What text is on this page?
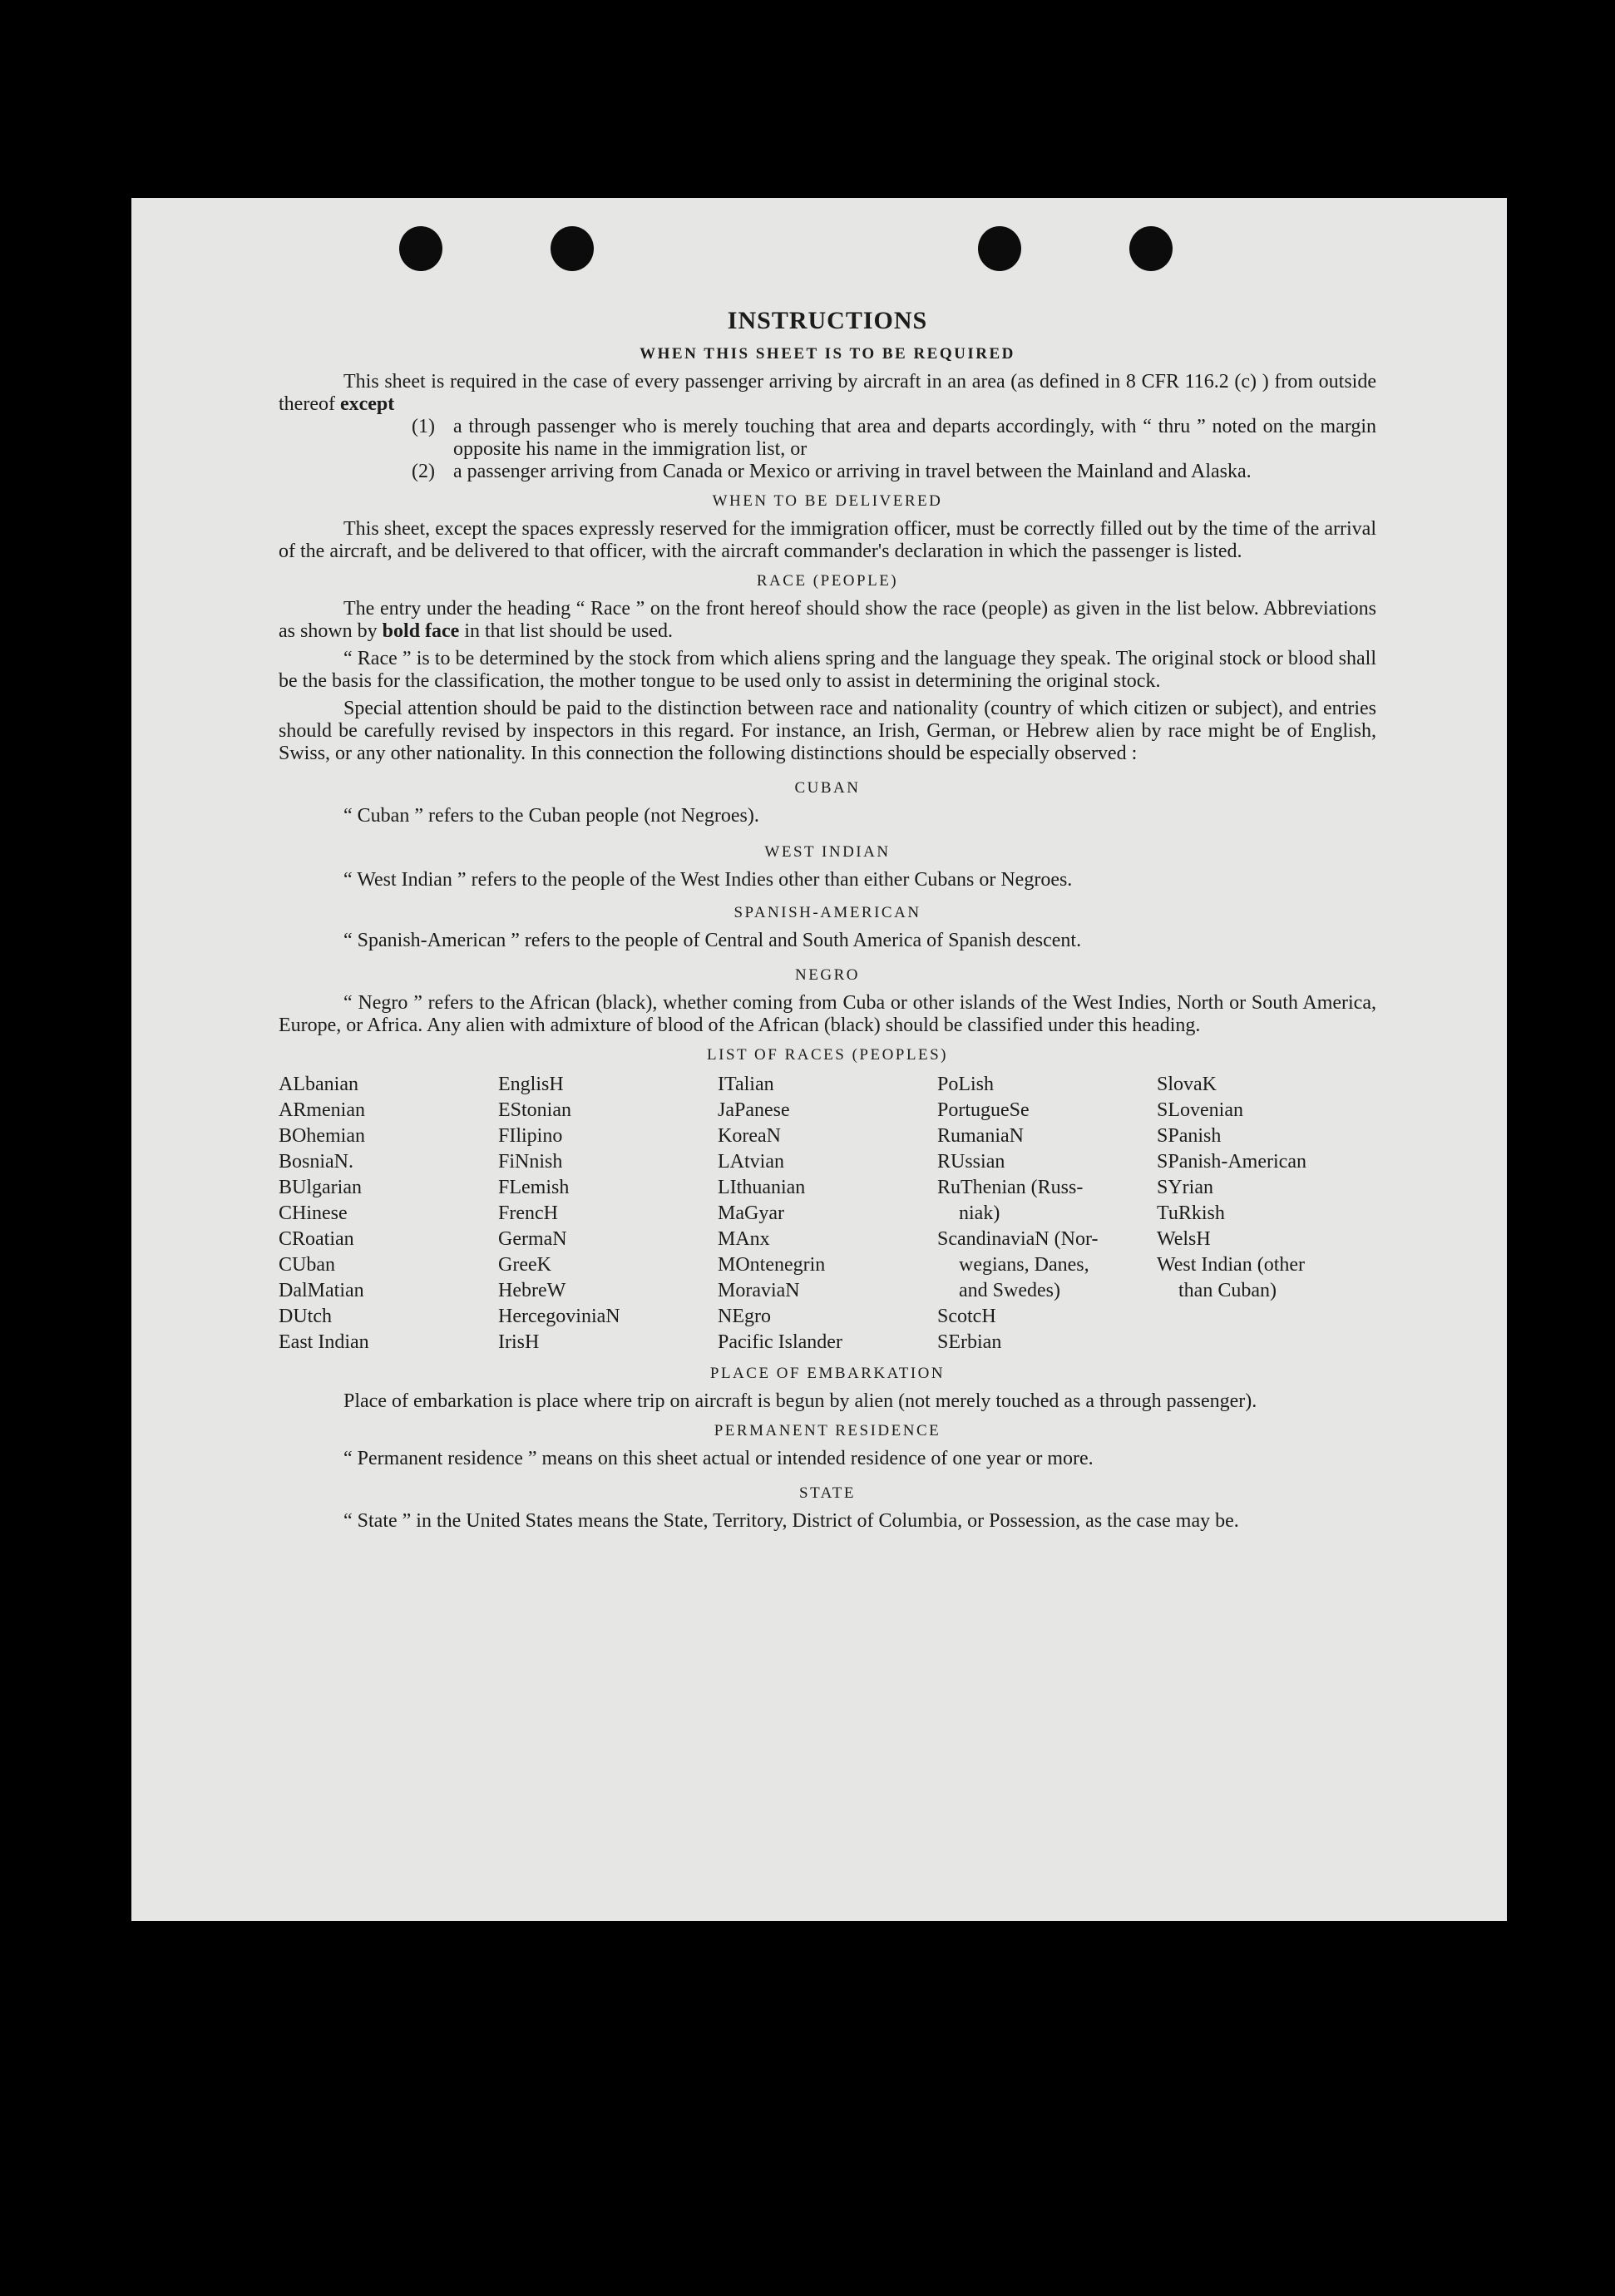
INSTRUCTIONS
WHEN THIS SHEET IS TO BE REQUIRED

This sheet is required in the case of every passenger arriving by aircraft in an area (as defined in 8 CFR 116.2 (c) ) from outside thereof except

(1) a through passenger who is merely touching that area and departs accordingly, with “ thru ” noted on the margin opposite his name in the immigration list, or
(2) a passenger arriving from Canada or Mexico or arriving in travel between the Mainland and Alaska.
WHEN TO BE DELIVERED

This sheet, except the spaces expressly reserved for the immigration officer, must be correctly filled out by the time of the arrival of the aircraft, and be delivered to that officer, with the aircraft commander's declaration in which the passenger is listed.

RACE (PEOPLE)

The entry under the heading “ Race ” on the front hereof should show the race (people) as given in the list below. Abbreviations as shown by bold face in that list should be used.

“ Race ” is to be determined by the stock from which aliens spring and the language they speak. The original stock or blood shall be the basis for the classification, the mother tongue to be used only to assist in determining the original stock.

Special attention should be paid to the distinction between race and nationality (country of which citizen or subject), and entries should be carefully revised by inspectors in this regard. For instance, an Irish, German, or Hebrew alien by race might be of English, Swiss, or any other nationality. In this connection the following distinctions should be especially observed :

CUBAN

“ Cuban ” refers to the Cuban people (not Negroes).

WEST INDIAN

“ West Indian ” refers to the people of the West Indies other than either Cubans or Negroes.

SPANISH-AMERICAN

“ Spanish-American ” refers to the people of Central and South America of Spanish descent.

NEGRO

“ Negro ” refers to the African (black), whether coming from Cuba or other islands of the West Indies, North or South America, Europe, or Africa. Any alien with admixture of blood of the African (black) should be classified under this heading.

LIST OF RACES (PEOPLES)
ALbanian
ARmenian
BOhemian
BosniaN.
BUlgarian
CHinese
CRoatian
CUban
DalMatian
DUtch
East Indian
EnglisH
EStonian
FIlipino
FiNnish
FLemish
FrencH
GermaN
GreeK
HebreW
HercegoviniaN
IrisH
ITalian
JaPanese
KoreaN
LAtvian
LIthuanian
MaGyar
MAnx
MOntenegrin
MoraviaN
NEgro
Pacific Islander
PoLish
PortugueSe
RumaniaN
RUssian
RuThenian (Russ-
niak)
ScandinaviaN (Nor-
wegians, Danes,
and Swedes)
ScotcH
SErbian
SlovaK
SLovenian
SPanish
SPanish-American
SYrian
TuRkish
WelsH
West Indian (other
than Cuban)
PLACE OF EMBARKATION

Place of embarkation is place where trip on aircraft is begun by alien (not merely touched as a through passenger).

PERMANENT RESIDENCE

“ Permanent residence ” means on this sheet actual or intended residence of one year or more.

STATE

“ State ” in the United States means the State, Territory, District of Columbia, or Possession, as the case may be.
